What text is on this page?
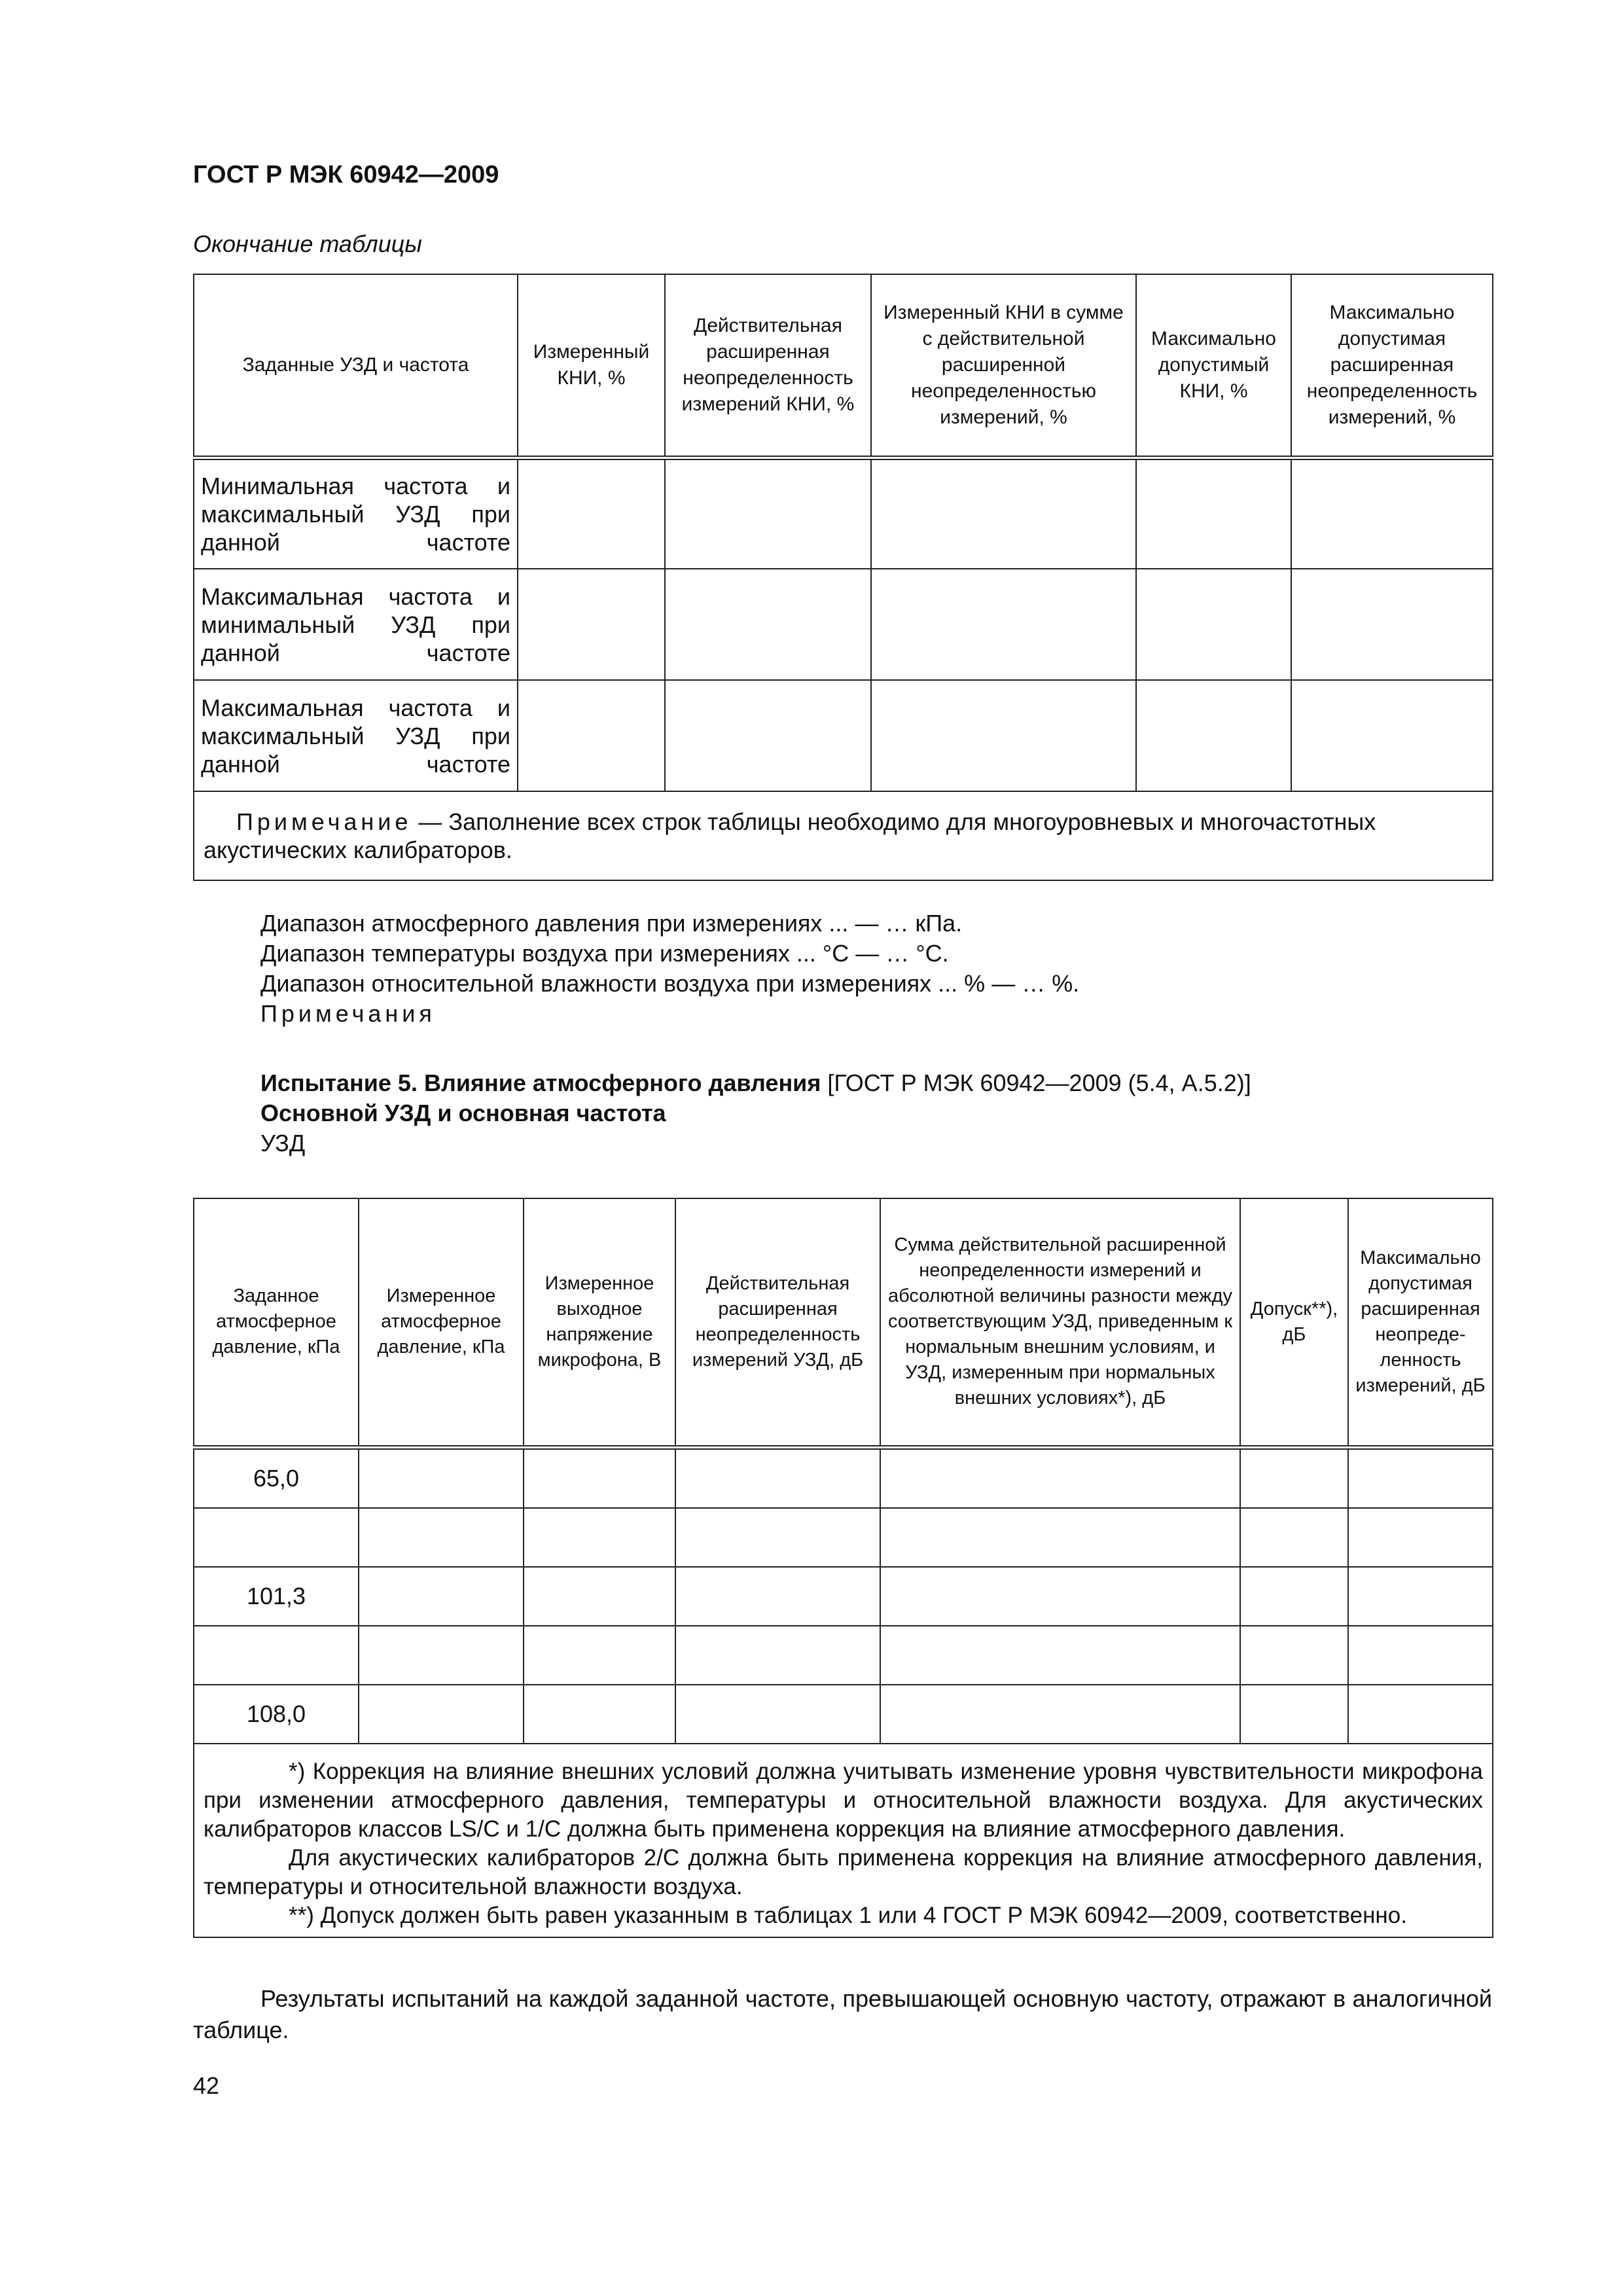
ГОСТ Р МЭК 60942—2009
Окончание таблицы
Заданные УЗД и частота	Измеренный КНИ, %	Действительная расширенная неопределенность измерений КНИ, %	Измеренный КНИ в сумме с действительной расширенной неопределенностью измерений, %	Максимально допустимый КНИ, %	Максимально допустимая расширенная неопределенность измерений, %
Минимальная частота и максимальный УЗД при данной частоте					
Максимальная частота и минимальный УЗД при данной частоте					
Максимальная частота и максимальный УЗД при данной частоте					
Примечание — Заполнение всех строк таблицы необходимо для многоуровневых и многочастотных акустических калибраторов.					
Диапазон атмосферного давления при измерениях ... — … кПа.
Диапазон температуры воздуха при измерениях ... °С — … °С.
Диапазон относительной влажности воздуха при измерениях ... % — … %.
Примечания
Испытание 5. Влияние атмосферного давления [ГОСТ Р МЭК 60942—2009 (5.4, А.5.2)]
Основной УЗД и основная частота
УЗД
Заданное атмосферное давление, кПа	Измеренное атмосферное давление, кПа	Измеренное выходное напряжение микрофона, В	Действительная расширенная неопределенность измерений УЗД, дБ	Сумма действительной расширенной неопределенности измерений и абсолютной величины разности между соответствующим УЗД, приведенным к нормальным внешним условиям, и УЗД, измеренным при нормальных внешних условиях*), дБ	Допуск**), дБ	Максимально допустимая расширенная неопреде-ленность измерений, дБ
65,0						

101,3						

108,0						

*) Коррекция на влияние внешних условий должна учитывать изменение уровня чувствительности микрофона при изменении атмосферного давления, температуры и относительной влажности воздуха. Для акустических калибраторов классов LS/C и 1/C должна быть применена коррекция на влияние атмосферного давления.

Для акустических калибраторов 2/C должна быть применена коррекция на влияние атмосферного давления, температуры и относительной влажности воздуха.

**) Допуск должен быть равен указанным в таблицах 1 или 4 ГОСТ Р МЭК 60942—2009, соответственно.						

Результаты испытаний на каждой заданной частоте, превышающей основную частоту, отражают в аналогичной таблице.
42
